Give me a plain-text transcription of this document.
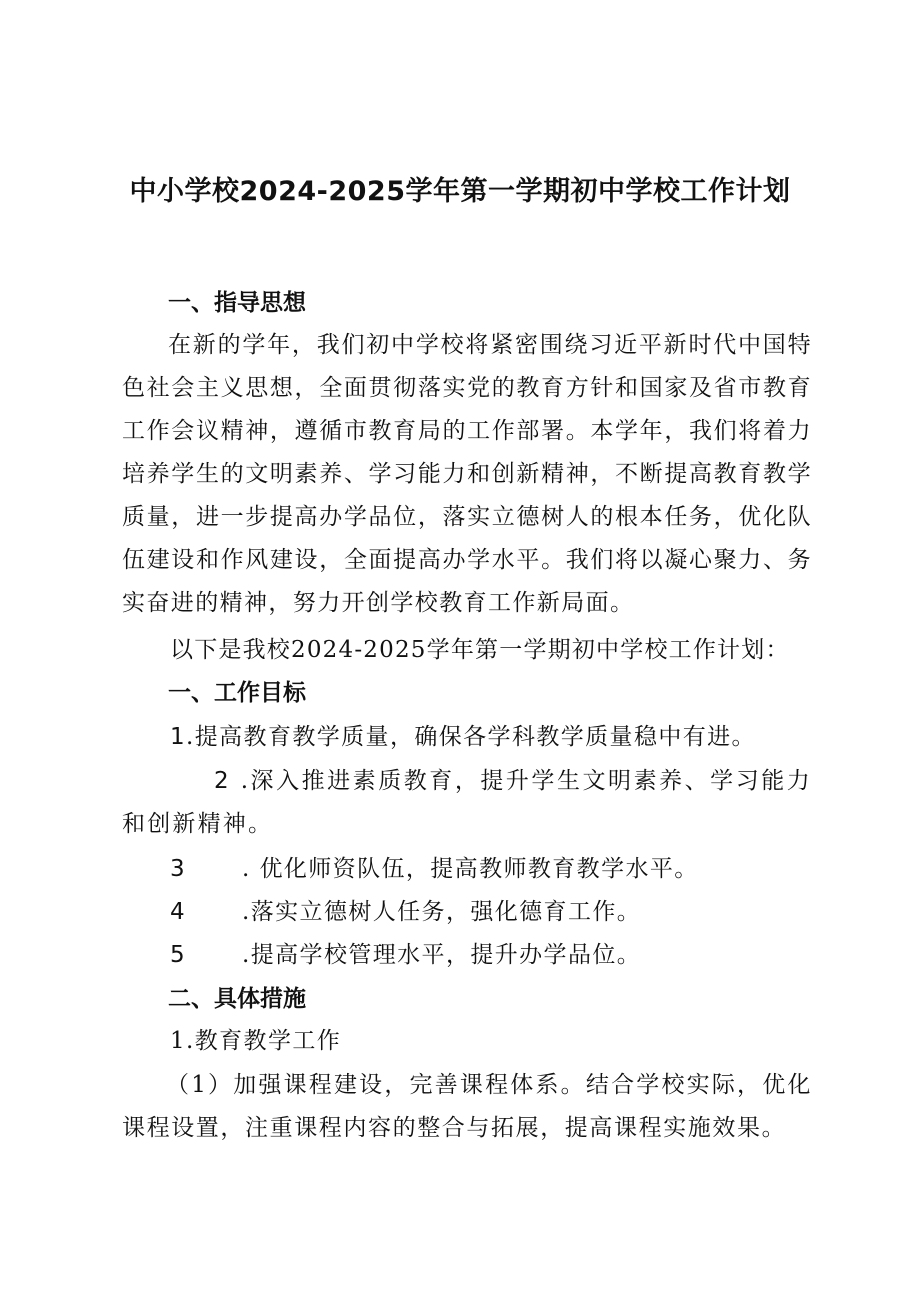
中小学校2024-2025学年第一学期初中学校工作计划
一、指导思想
在新的学年，我们初中学校将紧密围绕习近平新时代中国特色社会主义思想，全面贯彻落实党的教育方针和国家及省市教育工作会议精神，遵循市教育局的工作部署。本学年，我们将着力培养学生的文明素养、学习能力和创新精神，不断提高教育教学质量，进一步提高办学品位，落实立德树人的根本任务，优化队伍建设和作风建设，全面提高办学水平。我们将以凝心聚力、务实奋进的精神，努力开创学校教育工作新局面。
以下是我校2024-2025学年第一学期初中学校工作计划：
一、工作目标
1.提高教育教学质量，确保各学科教学质量稳中有进。
2 .深入推进素质教育，提升学生文明素养、学习能力和创新精神。
3 . 优化师资队伍，提高教师教育教学水平。
4 .落实立德树人任务，强化德育工作。
5 .提高学校管理水平，提升办学品位。
二、具体措施
1.教育教学工作
（1）加强课程建设，完善课程体系。结合学校实际，优化课程设置，注重课程内容的整合与拓展，提高课程实施效果。
